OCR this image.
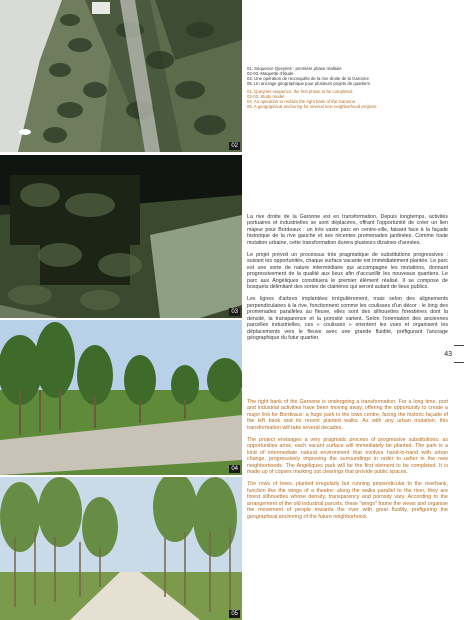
02
03
04
05
01. Séquence Queyries : première phase réalisée
02-03. Maquette d'étude
04. Une opération de reconquête de la rive droite de la Garonne
05. Un ancrage géographique pour plusieurs projets de quartiers
01. Queyries sequence: the first phase to be completed
02-03. Study model
04. An operation to reclaim the right bank of the Garonne
05. A geographical anchoring for several new neighborhood projects

La rive droite de la Garonne est en transformation. Depuis longtemps, activités portuaires et industrielles se sont déplacées, offrant l'opportunité de créer un lien majeur pour Bordeaux : un très vaste parc en centre-ville, faisant face à la façade historique de la rive gauche et ses récentes promenades jardinées. Comme toute mutation urbaine, cette transformation durera plusieurs dizaines d'années.

Le projet prévoit un processus très pragmatique de substitutions progressives : suivant les opportunités, chaque surface vacante est immédiatement plantée. Le parc est une sorte de nature intermédiaire qui accompagne les mutations, donnant progressivement de la qualité aux lieux afin d'accueillir les nouveaux quartiers. Le parc aux Angéliques constituera le premier élément réalisé. Il se compose de bosquets délimitant des sortes de clairières qui seront autant de lieux publics.

Les lignes d'arbres implantées irrégulièrement, mais selon des alignements perpendiculaires à la rive, fonctionnent comme les coulisses d'un décor : le long des promenades parallèles au fleuve, elles sont des silhouettes forestières dont la densité, la transparence et la porosité varient. Selon l'orientation des anciennes parcelles industrielles, ces « coulisses » orientent les vues et organisent les déplacements vers le fleuve avec une grande fluidité, préfigurant l'ancrage géographique du futur quartier.

The right bank of the Garonne is undergoing a transformation. For a long time, port and industrial activities have been moving away, offering the opportunity to create a major link for Bordeaux: a huge park in the town centre, facing the historic façade of the left bank and its recent planted walks. As with any urban mutation, this transformation will take several decades.

The project envisages a very pragmatic process of progressive substitutions: as opportunities arise, each vacant surface will immediately be planted. The park is a kind of intermediate natural environment that evolves hand-in-hand with urban change, progressively improving the surroundings in order to usher in the new neighborhoods. The Angéliques park will be the first element to be completed. It is made up of copses marking out clearings that provide public spaces.

The rows of trees, planted irregularly but running perpendicular to the riverbank, function like the wings of a theatre: along the walks parallel to the river, they are forest silhouettes whose density, transparency and porosity vary. According to the arrangement of the old industrial parcels, these "wings" frame the views and organise the movement of people towards the river with great fluidity, prefiguring the geographical anchoring of the future neighborhood.

43
